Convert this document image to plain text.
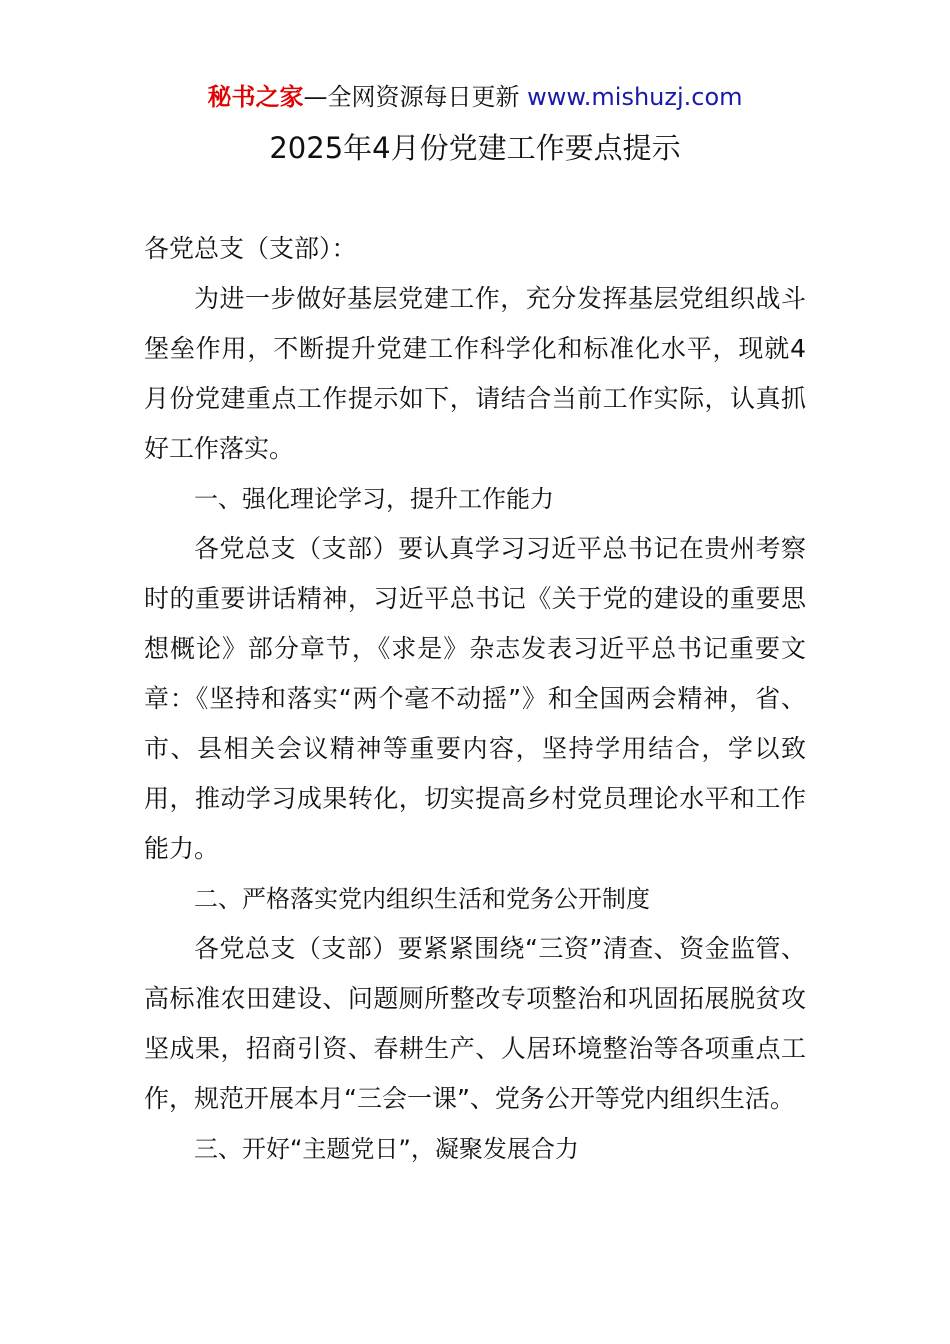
秘书之家—全网资源每日更新 www.mishuzj.com
2025年4月份党建工作要点提示

各党总支（支部）：

为进一步做好基层党建工作，充分发挥基层党组织战斗堡垒作用，不断提升党建工作科学化和标准化水平，现就4月份党建重点工作提示如下，请结合当前工作实际，认真抓好工作落实。

一、强化理论学习，提升工作能力

各党总支（支部）要认真学习习近平总书记在贵州考察时的重要讲话精神，习近平总书记《关于党的建设的重要思想概论》部分章节，《求是》杂志发表习近平总书记重要文章：《坚持和落实“两个毫不动摇”》和全国两会精神，省、市、县相关会议精神等重要内容，坚持学用结合，学以致用，推动学习成果转化，切实提高乡村党员理论水平和工作能力。

二、严格落实党内组织生活和党务公开制度

各党总支（支部）要紧紧围绕“三资”清查、资金监管、高标准农田建设、问题厕所整改专项整治和巩固拓展脱贫攻坚成果，招商引资、春耕生产、人居环境整治等各项重点工作，规范开展本月“三会一课”、党务公开等党内组织生活。

三、开好“主题党日”，凝聚发展合力
